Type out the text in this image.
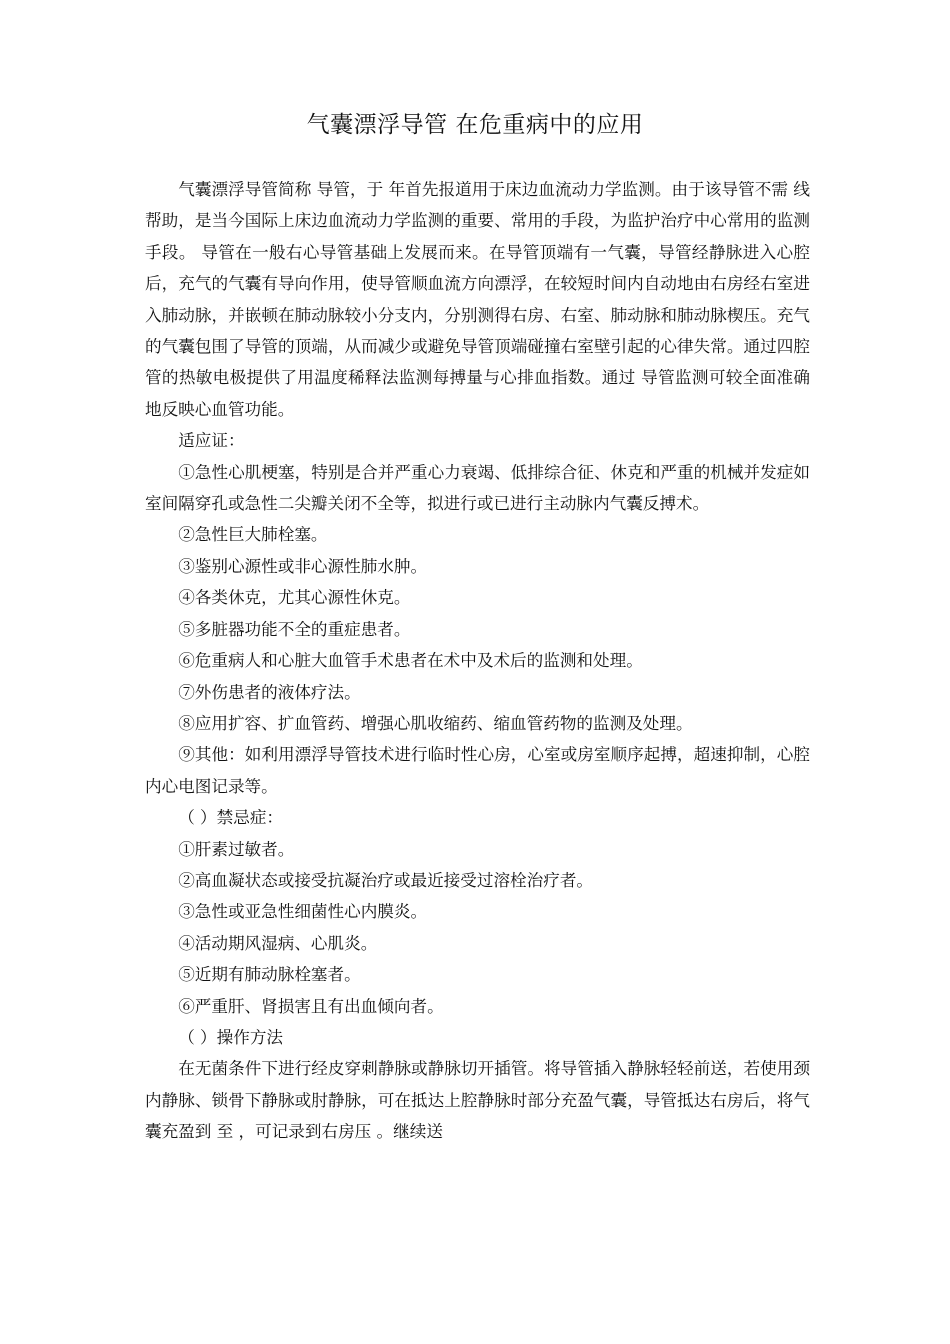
气囊漂浮导管 在危重病中的应用

气囊漂浮导管简称 导管，于 年首先报道用于床边血流动力学监测。由于该导管不需 线帮助，是当今国际上床边血流动力学监测的重要、常用的手段，为监护治疗中心常用的监测手段。 导管在一般右心导管基础上发展而来。在导管顶端有一气囊，导管经静脉进入心腔后，充气的气囊有导向作用，使导管顺血流方向漂浮，在较短时间内自动地由右房经右室进入肺动脉，并嵌顿在肺动脉较小分支内，分别测得右房、右室、肺动脉和肺动脉楔压。充气的气囊包围了导管的顶端，从而减少或避免导管顶端碰撞右室壁引起的心律失常。通过四腔管的热敏电极提供了用温度稀释法监测每搏量与心排血指数。通过 导管监测可较全面准确地反映心血管功能。

适应证：

①急性心肌梗塞，特别是合并严重心力衰竭、低排综合征、休克和严重的机械并发症如室间隔穿孔或急性二尖瓣关闭不全等，拟进行或已进行主动脉内气囊反搏术。

②急性巨大肺栓塞。

③鉴别心源性或非心源性肺水肿。

④各类休克，尤其心源性休克。

⑤多脏器功能不全的重症患者。

⑥危重病人和心脏大血管手术患者在术中及术后的监测和处理。

⑦外伤患者的液体疗法。

⑧应用扩容、扩血管药、增强心肌收缩药、缩血管药物的监测及处理。

⑨其他：如利用漂浮导管技术进行临时性心房，心室或房室顺序起搏，超速抑制，心腔内心电图记录等。

（ ）禁忌症：

①肝素过敏者。

②高血凝状态或接受抗凝治疗或最近接受过溶栓治疗者。

③急性或亚急性细菌性心内膜炎。

④活动期风湿病、心肌炎。

⑤近期有肺动脉栓塞者。

⑥严重肝、肾损害且有出血倾向者。

（ ）操作方法

在无菌条件下进行经皮穿刺静脉或静脉切开插管。将导管插入静脉轻轻前送，若使用颈内静脉、锁骨下静脉或肘静脉，可在抵达上腔静脉时部分充盈气囊，导管抵达右房后，将气囊充盈到 至 ，可记录到右房压 。继续送
